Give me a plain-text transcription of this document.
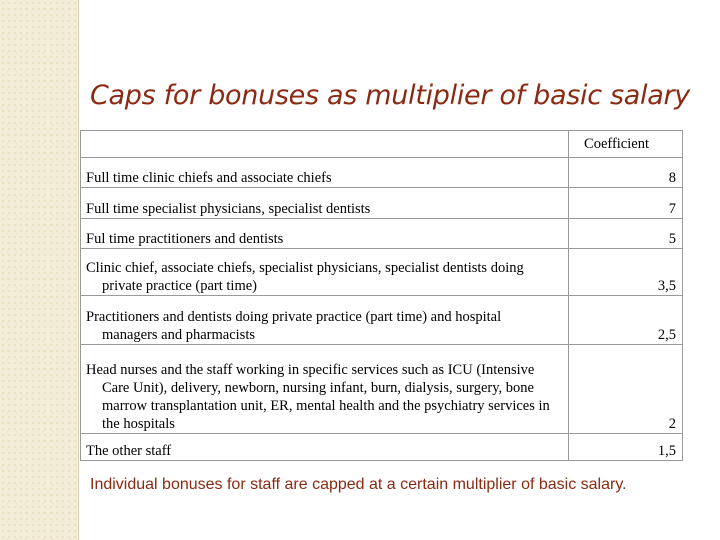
Caps for bonuses as multiplier of basic salary
	Coefficient

Full time clinic chiefs and associate chiefs	8

Full time specialist physicians, specialist dentists	7

Ful time practitioners and dentists	5

Clinic chief, associate chiefs, specialist physicians, specialist dentists doing private practice (part time)	3,5

Practitioners and dentists doing private practice (part time) and hospital managers and pharmacists	2,5

Head nurses and the staff working in specific services such as ICU (Intensive Care Unit), delivery, newborn, nursing infant, burn, dialysis, surgery, bone marrow transplantation unit, ER, mental health and the psychiatry services in the hospitals	2

The other staff	1,5
Individual bonuses for staff are capped at a certain multiplier of basic salary.
